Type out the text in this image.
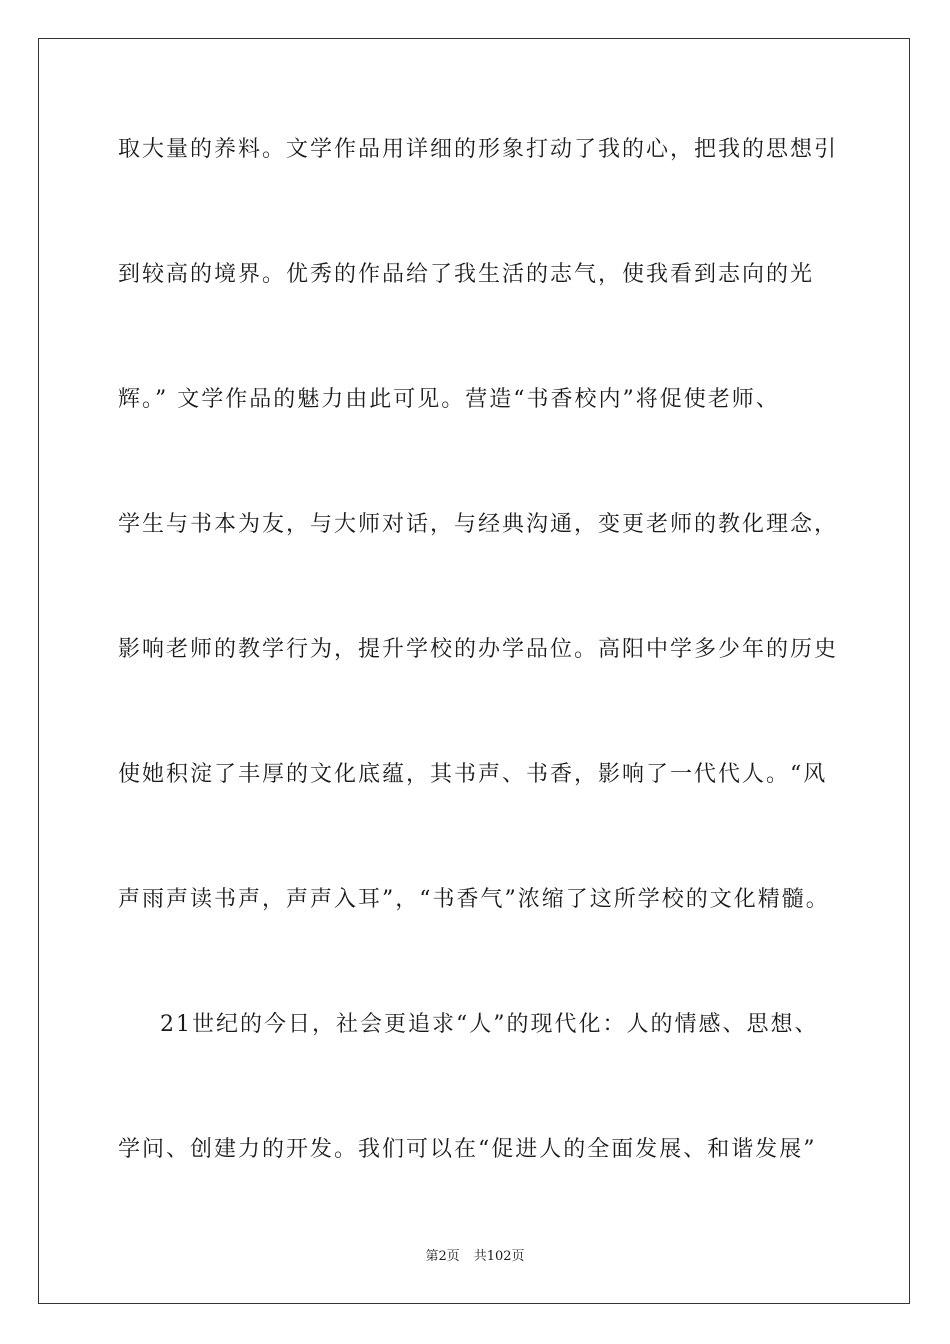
取大量的养料。文学作品用详细的形象打动了我的心，把我的思想引
到较高的境界。优秀的作品给了我生活的志气，使我看到志向的光
辉。” 文学作品的魅力由此可见。营造“书香校内”将促使老师、
学生与书本为友，与大师对话，与经典沟通，变更老师的教化理念，
影响老师的教学行为，提升学校的办学品位。高阳中学多少年的历史
使她积淀了丰厚的文化底蕴，其书声、书香，影响了一代代人。“风
声雨声读书声，声声入耳”，“书香气”浓缩了这所学校的文化精髓。
21世纪的今日，社会更追求“人”的现代化：人的情感、思想、
学问、创建力的开发。我们可以在“促进人的全面发展、和谐发展”
第2页 共102页
